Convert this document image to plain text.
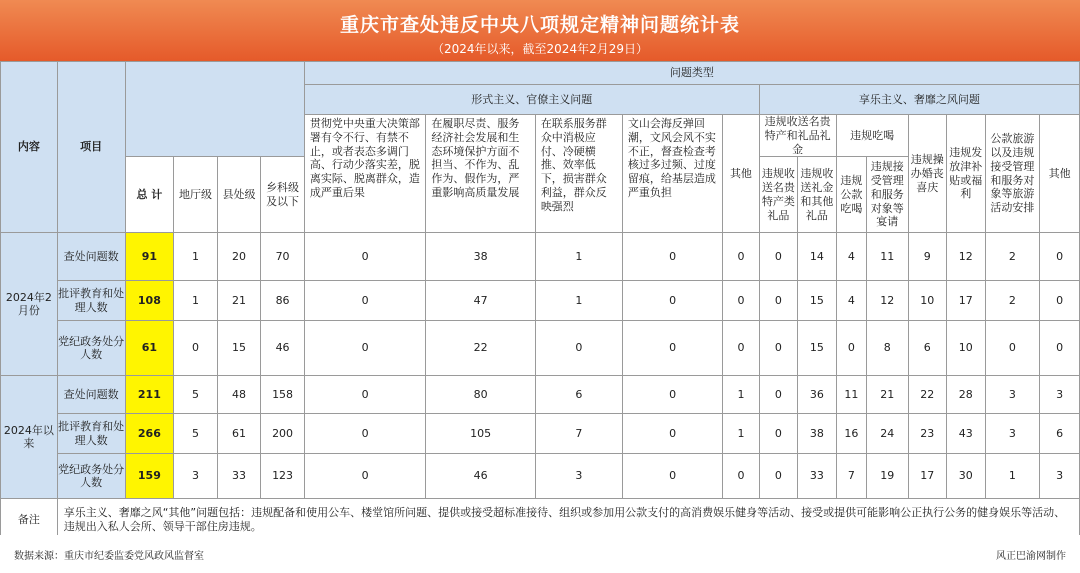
重庆市查处违反中央八项规定精神问题统计表
（2024年以来，截至2024年2月29日）
内容	项目					问题类型												
						形式主义、官僚主义问题					享乐主义、奢靡之风问题							
						贯彻党中央重大决策部署有令不行、有禁不止，或者表态多调门高、行动少落实差，脱离实际、脱离群众，造成严重后果	在履职尽责、服务经济社会发展和生态环境保护方面不担当、不作为、乱作为、假作为，严重影响高质量发展	在联系服务群众中消极应付、冷硬横推、效率低下，损害群众利益，群众反映强烈	文山会海反弹回潮，文风会风不实不正，督查检查考核过多过频、过度留痕，给基层造成严重负担	其他	违规收送名贵特产和礼品礼金		违规吃喝		违规操办婚丧喜庆	违规发放津补贴或福利	公款旅游以及违规接受管理和服务对象等旅游活动安排	其他
		总 计	地厅级	县处级	乡科级及以下						违规收送名贵特产类礼品	违规收送礼金和其他礼品	违规公款吃喝	违规接受管理和服务对象等宴请				
2024年2月份	查处问题数	91	1	20	70	0	38	1	0	0	0	14	4	11	9	12	2	0
	批评教育和处理人数	108	1	21	86	0	47	1	0	0	0	15	4	12	10	17	2	0
	党纪政务处分人数	61	0	15	46	0	22	0	0	0	0	15	0	8	6	10	0	0
2024年以来	查处问题数	211	5	48	158	0	80	6	0	1	0	36	11	21	22	28	3	3
	批评教育和处理人数	266	5	61	200	0	105	7	0	1	0	38	16	24	23	43	3	6
	党纪政务处分人数	159	3	33	123	0	46	3	0	0	0	33	7	19	17	30	1	3
备注	享乐主义、奢靡之风“其他”问题包括：违规配备和使用公车、楼堂馆所问题、提供或接受超标准接待、组织或参加用公款支付的高消费娱乐健身等活动、接受或提供可能影响公正执行公务的健身娱乐等活动、违规出入私人会所、领导干部住房违规。																	
数据来源：重庆市纪委监委党风政风监督室	风正巴渝网制作
